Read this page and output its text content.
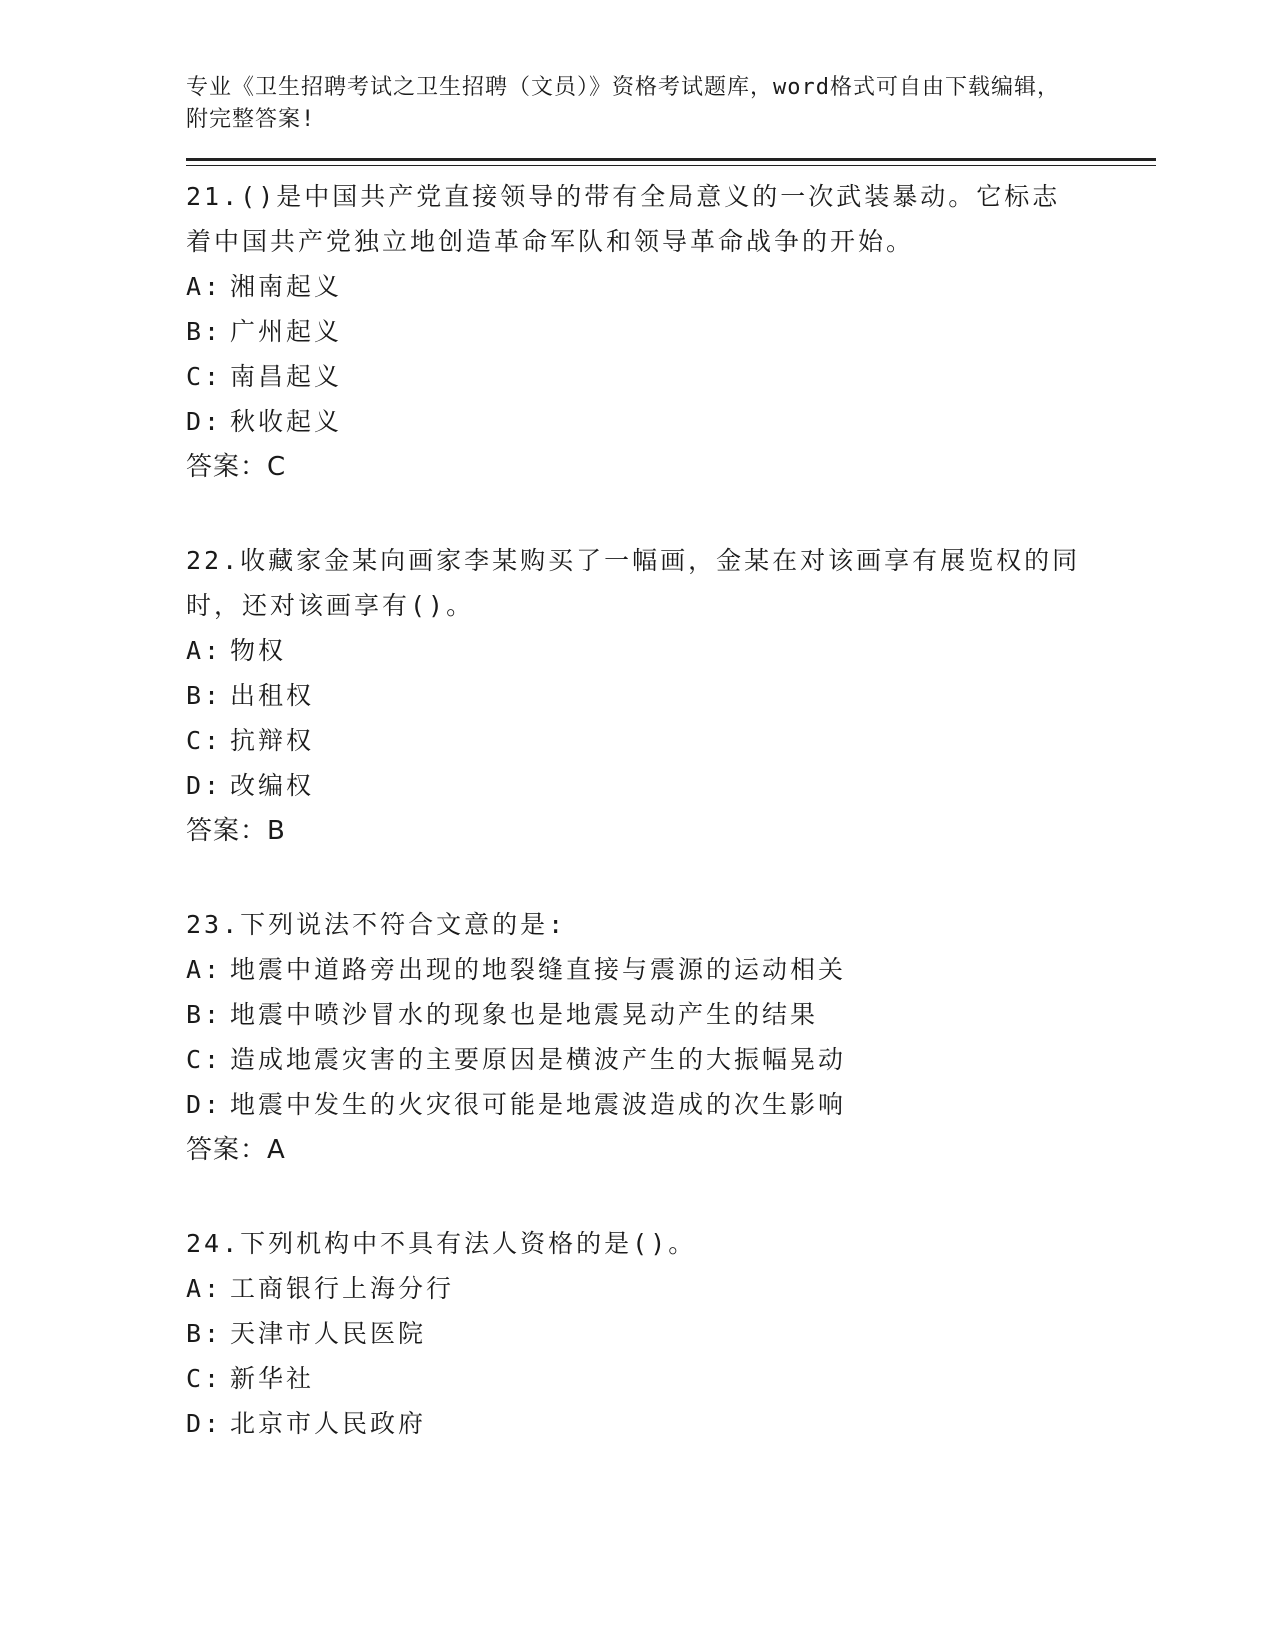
专业《卫生招聘考试之卫生招聘（文员）》资格考试题库，word格式可自由下载编辑，附完整答案!

21.()是中国共产党直接领导的带有全局意义的一次武装暴动。它标志着中国共产党独立地创造革命军队和领导革命战争的开始。

A: 湘南起义

B: 广州起义

C: 南昌起义

D: 秋收起义

答案：C

22.收藏家金某向画家李某购买了一幅画，金某在对该画享有展览权的同时，还对该画享有()。

A: 物权

B: 出租权

C: 抗辩权

D: 改编权

答案：B

23.下列说法不符合文意的是:

A: 地震中道路旁出现的地裂缝直接与震源的运动相关

B: 地震中喷沙冒水的现象也是地震晃动产生的结果

C: 造成地震灾害的主要原因是横波产生的大振幅晃动

D: 地震中发生的火灾很可能是地震波造成的次生影响

答案：A

24.下列机构中不具有法人资格的是()。

A: 工商银行上海分行

B: 天津市人民医院

C: 新华社

D: 北京市人民政府
